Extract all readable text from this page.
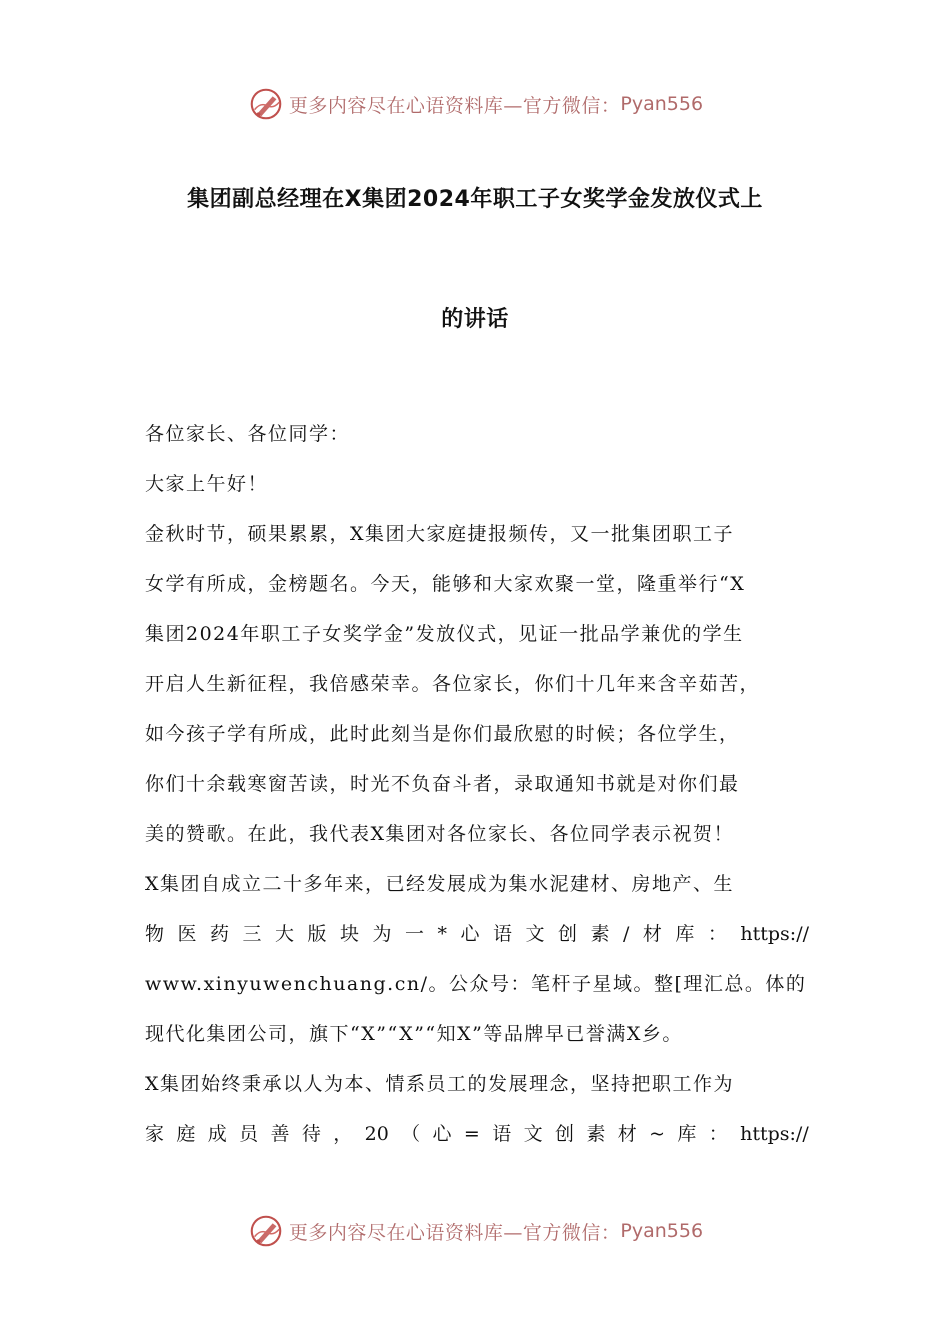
更多内容尽在心语资料库—官方微信： Pyan556
集团副总经理在X集团2024年职工子女奖学金发放仪式上
的讲话
各位家长、各位同学：
大家上午好！
金秋时节，硕果累累，X集团大家庭捷报频传，又一批集团职工子
女学有所成，金榜题名。今天，能够和大家欢聚一堂，隆重举行“X
集团2024年职工子女奖学金”发放仪式，见证一批品学兼优的学生
开启人生新征程，我倍感荣幸。各位家长，你们十几年来含辛茹苦，
如今孩子学有所成，此时此刻当是你们最欣慰的时候；各位学生，
你们十余载寒窗苦读，时光不负奋斗者，录取通知书就是对你们最
美的赞歌。在此，我代表X集团对各位家长、各位同学表示祝贺！
X集团自成立二十多年来，已经发展成为集水泥建材、房地产、生
物 医 药 三 大 版 块 为 一 * 心 语 文 创 素 / 材 库 ： https://
www.xinyuwenchuang.cn/。公众号：笔杆子星域。整[理汇总。体的
现代化集团公司，旗下“X”“X”“知X”等品牌早已誉满X乡。
X集团始终秉承以人为本、情系员工的发展理念，坚持把职工作为
家 庭 成 员 善 待 ， 20 （ 心 = 语 文 创 素 材 ~ 库 ： https://
更多内容尽在心语资料库—官方微信： Pyan556
